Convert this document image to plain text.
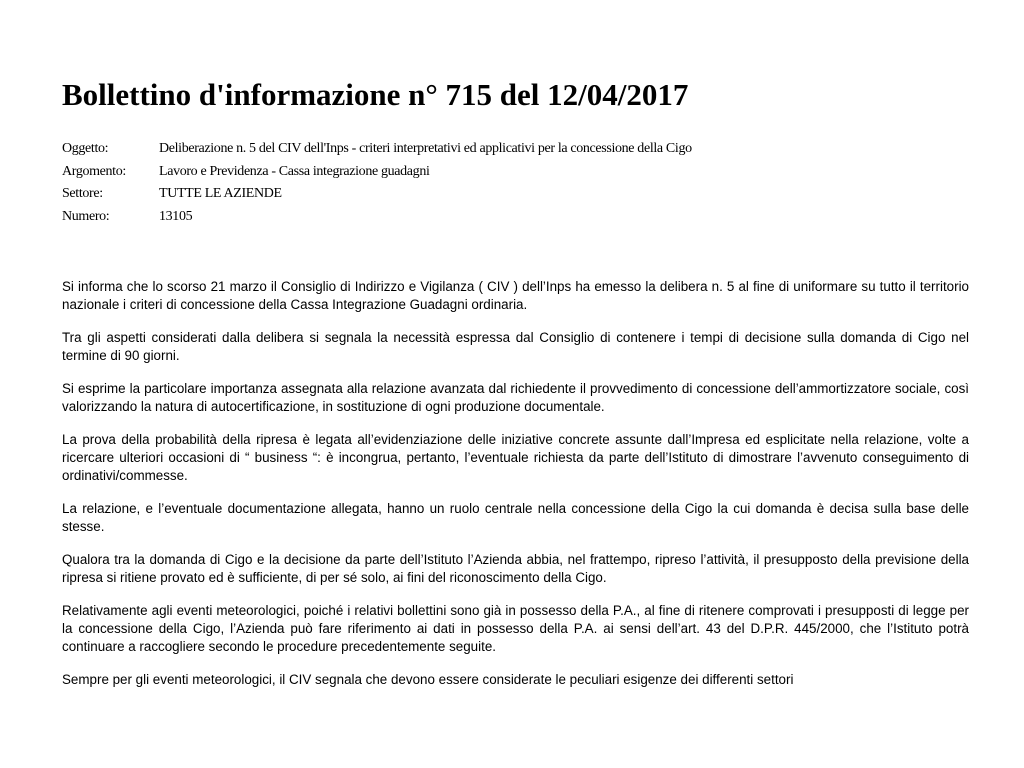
Bollettino d'informazione n° 715 del 12/04/2017
Oggetto:	Deliberazione n. 5 del CIV dell'Inps - criteri interpretativi ed applicativi per la concessione della Cigo
Argomento:	Lavoro e Previdenza - Cassa integrazione guadagni
Settore:	TUTTE LE AZIENDE
Numero:	13105

Si informa che lo scorso 21 marzo il Consiglio di Indirizzo e Vigilanza ( CIV ) dell’Inps ha emesso la delibera n. 5 al fine di uniformare su tutto il territorio nazionale i criteri di concessione della Cassa Integrazione Guadagni ordinaria.

Tra gli aspetti considerati dalla delibera si segnala la necessità espressa dal Consiglio di contenere i tempi di decisione sulla domanda di Cigo nel termine di 90 giorni.

Si esprime la particolare importanza assegnata alla relazione avanzata dal richiedente il provvedimento di concessione dell’ammortizzatore sociale, così valorizzando la natura di autocertificazione, in sostituzione di ogni produzione documentale.

La prova della probabilità della ripresa è legata all’evidenziazione delle iniziative concrete assunte dall’Impresa ed esplicitate nella relazione, volte a ricercare ulteriori occasioni di “ business “: è incongrua, pertanto, l’eventuale richiesta da parte dell’Istituto di dimostrare l’avvenuto conseguimento di ordinativi/commesse.

La relazione, e l’eventuale documentazione allegata, hanno un ruolo centrale nella concessione della Cigo la cui domanda è decisa sulla base delle stesse.

Qualora tra la domanda di Cigo e la decisione da parte dell’Istituto l’Azienda abbia, nel frattempo, ripreso l’attività, il presupposto della previsione della ripresa si ritiene provato ed è sufficiente, di per sé solo, ai fini del riconoscimento della Cigo.

Relativamente agli eventi meteorologici, poiché i relativi bollettini sono già in possesso della P.A., al fine di ritenere comprovati i presupposti di legge per la concessione della Cigo, l’Azienda può fare riferimento ai dati in possesso della P.A. ai sensi dell’art. 43 del D.P.R. 445/2000, che l’Istituto potrà continuare a raccogliere secondo le procedure precedentemente seguite.

Sempre per gli eventi meteorologici, il CIV segnala che devono essere considerate le peculiari esigenze dei differenti settori
